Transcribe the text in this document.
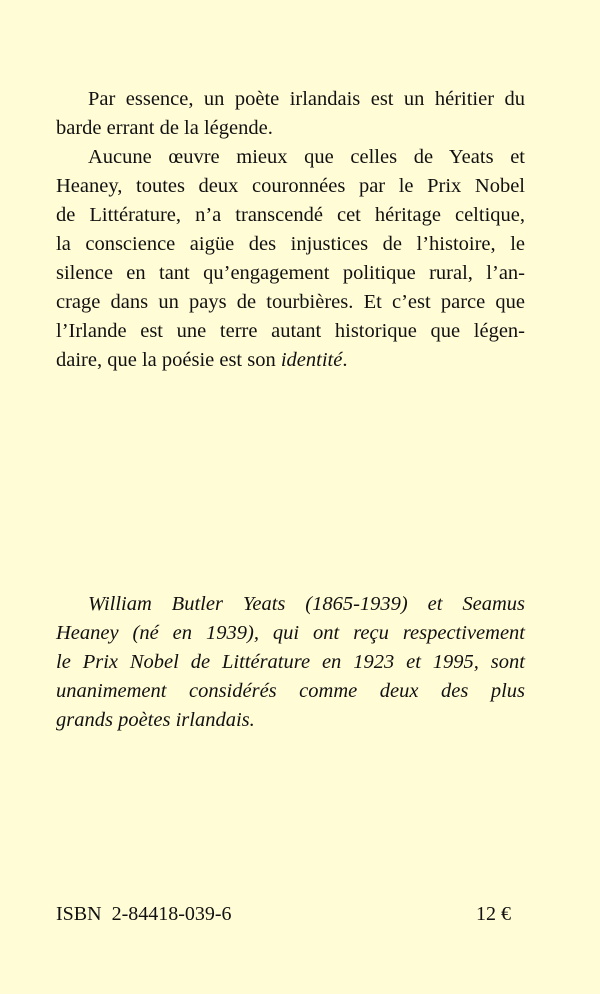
Par essence, un poète irlandais est un héritier du
barde errant de la légende.

Aucune œuvre mieux que celles de Yeats et
Heaney, toutes deux couronnées par le Prix Nobel
de Littérature, n’a transcendé cet héritage celtique,
la conscience aigüe des injustices de l’histoire, le
silence en tant qu’engagement politique rural, l’an-
crage dans un pays de tourbières. Et c’est parce que
l’Irlande est une terre autant historique que légen-
daire, que la poésie est son identité.

William Butler Yeats (1865-1939) et Seamus
Heaney (né en 1939), qui ont reçu respectivement
le Prix Nobel de Littérature en 1923 et 1995, sont
unanimement considérés comme deux des plus
grands poètes irlandais.

ISBN  2-84418-039-6	12 €
